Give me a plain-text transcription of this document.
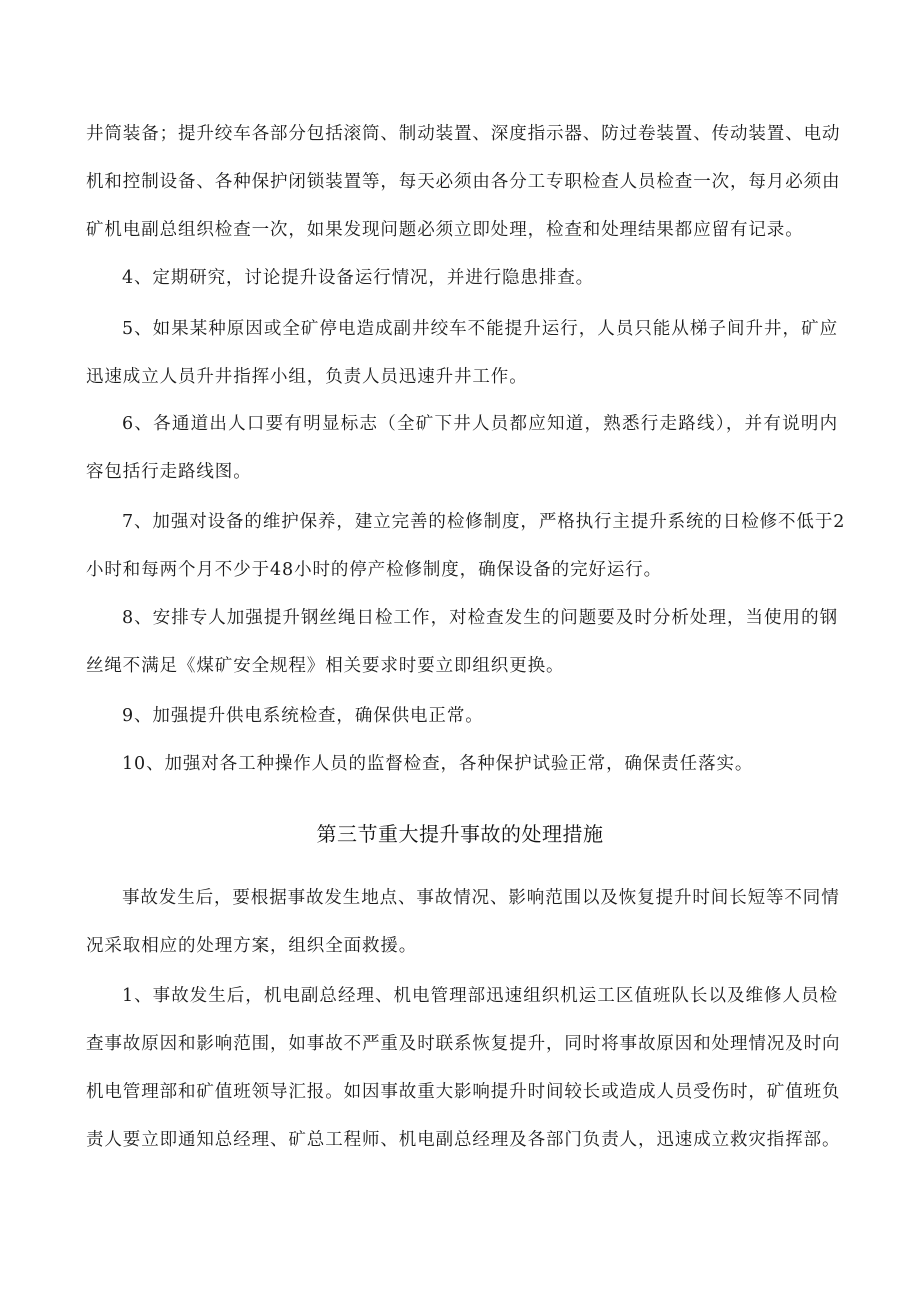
井筒装备；提升绞车各部分包括滚筒、制动装置、深度指示器、防过卷装置、传动装置、电动
机和控制设备、各种保护闭锁装置等，每天必须由各分工专职检查人员检查一次，每月必须由
矿机电副总组织检查一次，如果发现问题必须立即处理，检查和处理结果都应留有记录。
4、定期研究，讨论提升设备运行情况，并进行隐患排查。
5、如果某种原因或全矿停电造成副井绞车不能提升运行，人员只能从梯子间升井，矿应
迅速成立人员升井指挥小组，负责人员迅速升井工作。
6、各通道出人口要有明显标志（全矿下井人员都应知道，熟悉行走路线），并有说明内
容包括行走路线图。
7、加强对设备的维护保养，建立完善的检修制度，严格执行主提升系统的日检修不低于2
小时和每两个月不少于48小时的停产检修制度，确保设备的完好运行。
8、安排专人加强提升钢丝绳日检工作，对检查发生的问题要及时分析处理，当使用的钢
丝绳不满足《煤矿安全规程》相关要求时要立即组织更换。
9、加强提升供电系统检查，确保供电正常。
10、加强对各工种操作人员的监督检查，各种保护试验正常，确保责任落实。
第三节重大提升事故的处理措施
事故发生后，要根据事故发生地点、事故情况、影响范围以及恢复提升时间长短等不同情
况采取相应的处理方案，组织全面救援。
1、事故发生后，机电副总经理、机电管理部迅速组织机运工区值班队长以及维修人员检
查事故原因和影响范围，如事故不严重及时联系恢复提升，同时将事故原因和处理情况及时向
机电管理部和矿值班领导汇报。如因事故重大影响提升时间较长或造成人员受伤时，矿值班负
责人要立即通知总经理、矿总工程师、机电副总经理及各部门负责人，迅速成立救灾指挥部。
